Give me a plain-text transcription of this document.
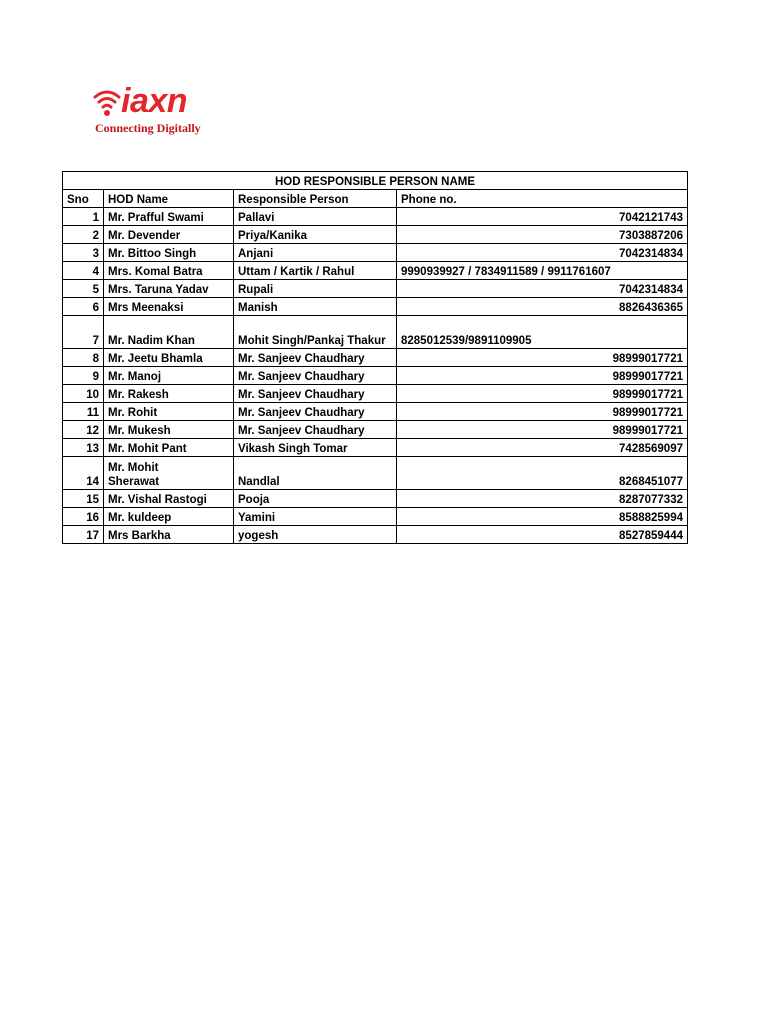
iaxn
Connecting Digitally
HOD RESPONSIBLE PERSON NAME			
Sno	HOD Name	Responsible Person	Phone no.
1	Mr. Prafful Swami	Pallavi	7042121743
2	Mr. Devender	Priya/Kanika	7303887206
3	Mr. Bittoo Singh	Anjani	7042314834
4	Mrs. Komal Batra	Uttam / Kartik / Rahul	9990939927 / 7834911589 / 9911761607
5	Mrs. Taruna Yadav	Rupali	7042314834
6	Mrs Meenaksi	Manish	8826436365
7	Mr. Nadim Khan	Mohit Singh/Pankaj Thakur	8285012539/9891109905
8	Mr. Jeetu Bhamla	Mr. Sanjeev Chaudhary	98999017721
9	Mr. Manoj	Mr. Sanjeev Chaudhary	98999017721
10	Mr. Rakesh	Mr. Sanjeev Chaudhary	98999017721
11	Mr. Rohit	Mr. Sanjeev Chaudhary	98999017721
12	Mr. Mukesh	Mr. Sanjeev Chaudhary	98999017721
13	Mr. Mohit Pant	Vikash Singh Tomar	7428569097
14	Mr. Mohit Sherawat	Nandlal	8268451077
15	Mr. Vishal Rastogi	Pooja	8287077332
16	Mr. kuldeep	Yamini	8588825994
17	Mrs Barkha	yogesh	8527859444
